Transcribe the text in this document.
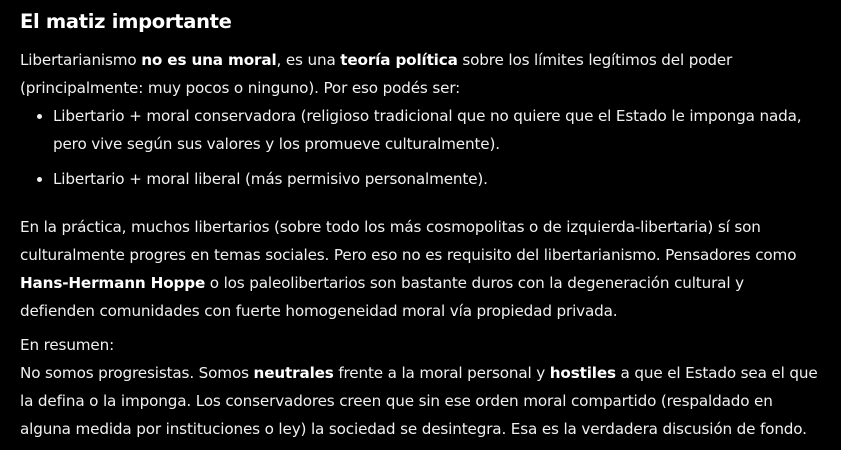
El matiz importante

Libertarianismo no es una moral, es una teoría política sobre los límites legítimos del poder (principalmente: muy pocos o ninguno). Por eso podés ser:

• Libertario + moral conservadora (religioso tradicional que no quiere que el Estado le imponga nada, pero vive según sus valores y los promueve culturalmente).
• Libertario + moral liberal (más permisivo personalmente).

En la práctica, muchos libertarios (sobre todo los más cosmopolitas o de izquierda-libertaria) sí son culturalmente progres en temas sociales. Pero eso no es requisito del libertarianismo. Pensadores como Hans-Hermann Hoppe o los paleolibertarios son bastante duros con la degeneración cultural y defienden comunidades con fuerte homogeneidad moral vía propiedad privada.

En resumen:
No somos progresistas. Somos neutrales frente a la moral personal y hostiles a que el Estado sea el que la defina o la imponga. Los conservadores creen que sin ese orden moral compartido (respaldado en alguna medida por instituciones o ley) la sociedad se desintegra. Esa es la verdadera discusión de fondo.
